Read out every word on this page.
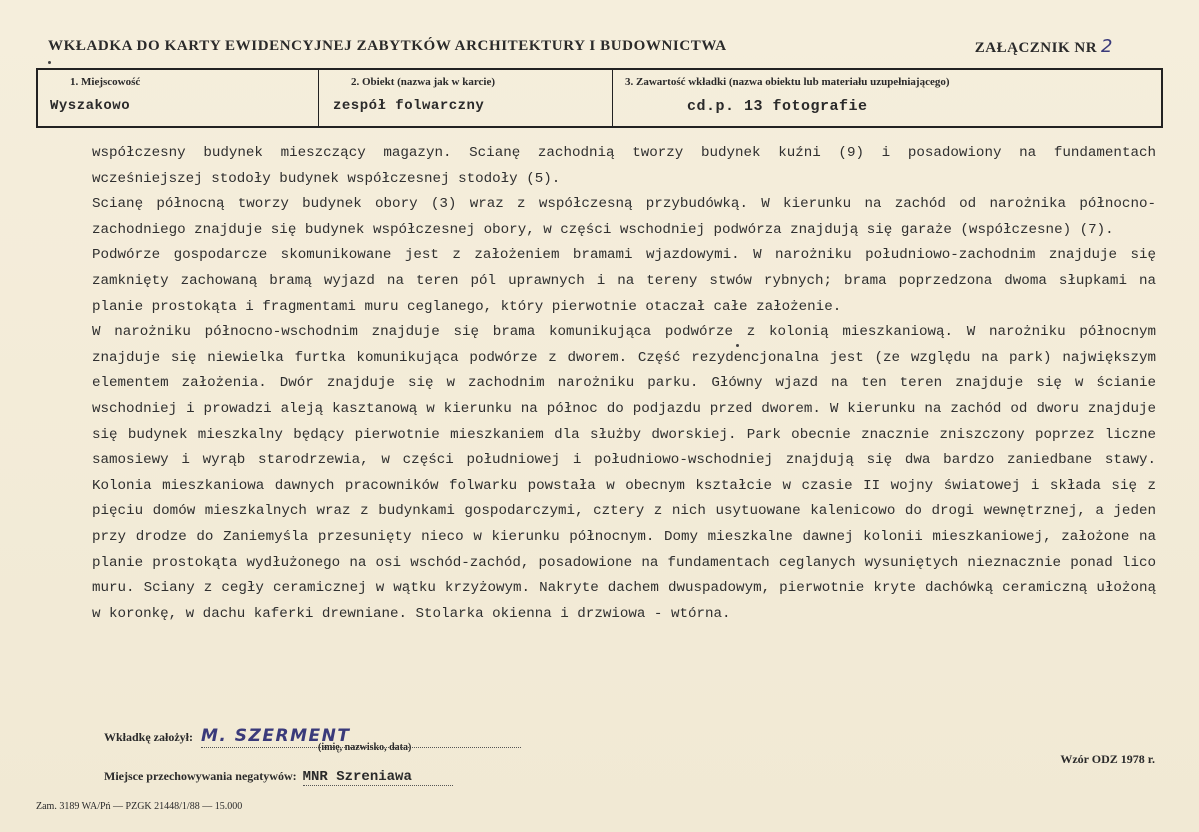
WKŁADKA DO KARTY EWIDENCYJNEJ ZABYTKÓW ARCHITEKTURY I BUDOWNICTWA	ZAŁĄCZNIK NR 2
1. Miejscowość
Wyszakowo
2. Obiekt (nazwa jak w karcie)
zespół folwarczny
3. Zawartość wkładki (nazwa obiektu lub materiału uzupełniającego)
cd.p. 13 fotografie

współczesny budynek mieszczący magazyn. Scianę zachodnią tworzy budynek kuźni (9) i posadowiony na fundamentach wcześniejszej stodoły budynek współczesnej stodoły (5).

Scianę północną tworzy budynek obory (3) wraz z współczesną przybudówką. W kierunku na zachód od narożnika północno-zachodniego znajduje się budynek współczesnej obory, w części wschodniej podwórza znajdują się garaże (współczesne) (7).

Podwórze gospodarcze skomunikowane jest z założeniem bramami wjazdowymi. W narożniku południowo-zachodnim znajduje się zamknięty zachowaną bramą wyjazd na teren pól uprawnych i na tereny stwów rybnych; brama poprzedzona dwoma słupkami na planie prostokąta i fragmentami muru ceglanego, który pierwotnie otaczał całe założenie.

W narożniku północno-wschodnim znajduje się brama komunikująca podwórze z kolonią mieszkaniową. W narożniku północnym znajduje się niewielka furtka komunikująca podwórze z dworem. Część rezydencjonalna jest (ze względu na park) największym elementem założenia. Dwór znajduje się w zachodnim narożniku parku. Główny wjazd na ten teren znajduje się w ścianie wschodniej i prowadzi aleją kasztanową w kierunku na północ do podjazdu przed dworem. W kierunku na zachód od dworu znajduje się budynek mieszkalny będący pierwotnie mieszkaniem dla służby dworskiej. Park obecnie znacznie zniszczony poprzez liczne samosiewy i wyrąb starodrzewia, w części południowej i południowo-wschodniej znajdują się dwa bardzo zaniedbane stawy. Kolonia mieszkaniowa dawnych pracowników folwarku powstała w obecnym kształcie w czasie II wojny światowej i składa się z pięciu domów mieszkalnych wraz z budynkami gospodarczymi, cztery z nich usytuowane kalenicowo do drogi wewnętrznej, a jeden przy drodze do Zaniemyśla przesunięty nieco w kierunku północnym. Domy mieszkalne dawnej kolonii mieszkaniowej, założone na planie prostokąta wydłużonego na osi wschód-zachód, posadowione na fundamentach ceglanych wysuniętych nieznacznie ponad lico muru. Sciany z cegły ceramicznej w wątku krzyżowym. Nakryte dachem dwuspadowym, pierwotnie kryte dachówką ceramiczną ułożoną w koronkę, w dachu kaferki drewniane. Stolarka okienna i drzwiowa - wtórna.

Wkładkę założył: M. SZERMENT
(imię, nazwisko, data)
Wzór ODZ 1978 r.
Miejsce przechowywania negatywów: MNR Szreniawa
Zam. 3189 WA/Pń — PZGK 21448/1/88 — 15.000
